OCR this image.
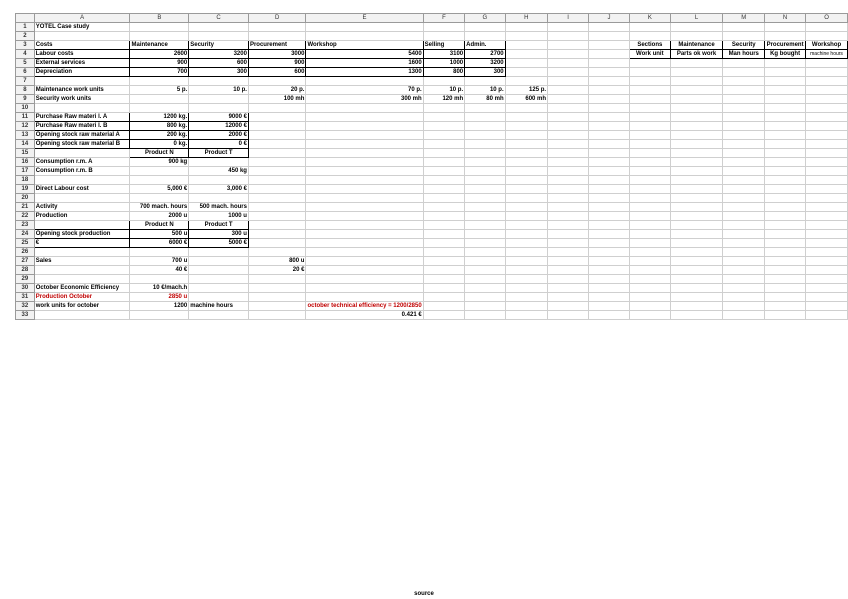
	A	B	C	D	E	F	G	H	I	J	K	L	M	N	O
1	YOTEL Case study														
2															
3	Costs	Maintenance	Security	Procurement	Workshop	Selling	Admin.				Sections	Maintenance	Security	Procurement	Workshop
4	Labour costs	2600	3200	3000	5400	3100	2700				Work unit	Parts ok work	Man hours	Kg bought	machine hours
5	External services	900	600	900	1600	1000	3200								
6	Depreciation	700	300	600	1300	800	300								
7															
8	Maintenance work units	5 p.	10 p.	20 p.	70 p.	10 p.	10 p.	125 p.							
9	Security work units			100 mh	300 mh	120 mh	80 mh	600 mh							
10															
11	Purchase Raw materi l. A	1200 kg.	9000 €												
12	Purchase Raw materi l. B	800 kg.	12000 €												
13	Opening stock raw material A	200 kg.	2000 €												
14	Opening stock raw material B	0 kg.	0 €												
15		Product N	Product T												
16	Consumption r.m. A	900 kg													
17	Consumption r.m. B		450 kg												
18															
19	Direct Labour cost	5,000 €	3,000 €												
20															
21	Activity	700 mach. hours	500 mach. hours												
22	Production	2000 u	1000 u												
23		Product N	Product T												
24	Opening stock production	500 u	300 u												
25	€	6000 €	5000 €												
26															
27	Sales	700 u		800 u											
28		40 €		20 €											
29															
30	October Economic Efficiency	10 €/mach.h													
31	Production October	2850 u													
32	work units for october	1200	machine hours		october technical efficiency = 1200/2850										
33					0.421 €										
source
